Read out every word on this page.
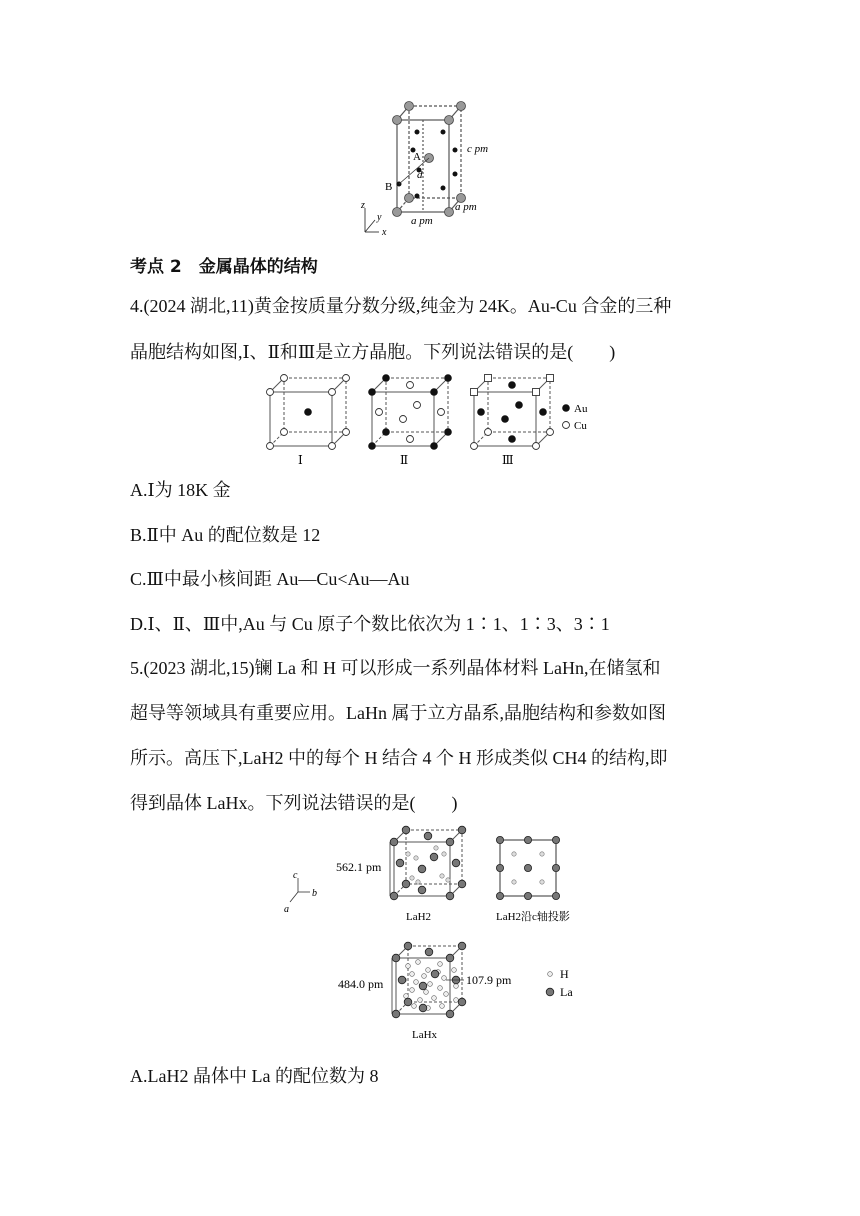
A
B
d
c pm
a pm
a pm
z
y
x
考点 2　金属晶体的结构
4.(2024 湖北,11)黄金按质量分数分级,纯金为 24K。Au-Cu 合金的三种
晶胞结构如图,Ⅰ、Ⅱ和Ⅲ是立方晶胞。下列说法错误的是(　　)
Au
Cu
Ⅰ	Ⅱ	Ⅲ
A.Ⅰ为 18K 金
B.Ⅱ中 Au 的配位数是 12
C.Ⅲ中最小核间距 Au—Cu<Au—Au
D.Ⅰ、Ⅱ、Ⅲ中,Au 与 Cu 原子个数比依次为 1∶1、1∶3、3∶1
5.(2023 湖北,15)镧 La 和 H 可以形成一系列晶体材料 LaHn,在储氢和
超导等领域具有重要应用。LaHn 属于立方晶系,晶胞结构和参数如图
所示。高压下,LaH2 中的每个 H 结合 4 个 H 形成类似 CH4 的结构,即
得到晶体 LaHx。下列说法错误的是(　　)
562.1 pm
LaH2	LaH2沿c轴投影
c
b
a
484.0 pm	107.9 pm
LaHx
H
La
A.LaH2 晶体中 La 的配位数为 8
